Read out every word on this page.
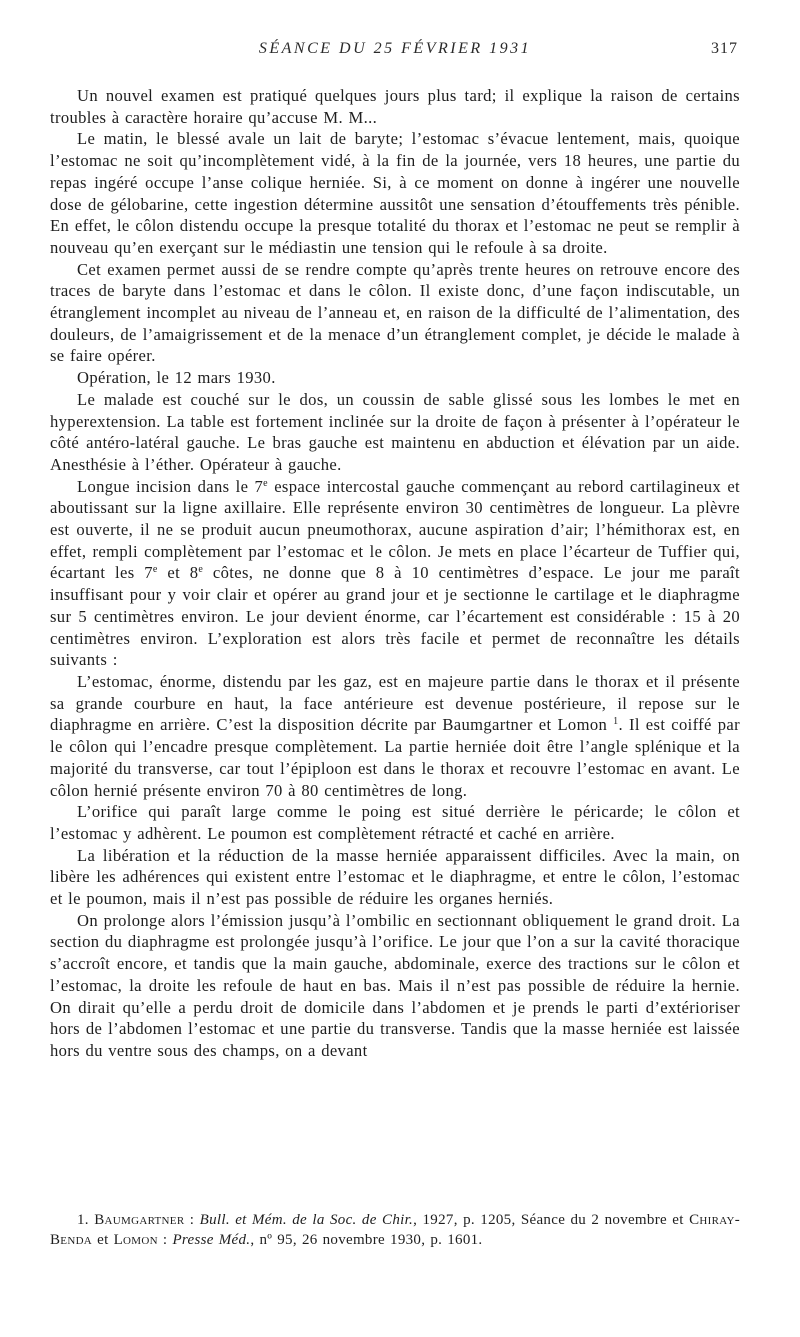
SÉANCE DU 25 FÉVRIER 1931	317

Un nouvel examen est pratiqué quelques jours plus tard; il explique la raison de certains troubles à caractère horaire qu’accuse M. M...

Le matin, le blessé avale un lait de baryte; l’estomac s’évacue lentement, mais, quoique l’estomac ne soit qu’incomplètement vidé, à la fin de la journée, vers 18 heures, une partie du repas ingéré occupe l’anse colique herniée. Si, à ce moment on donne à ingérer une nouvelle dose de gélobarine, cette ingestion détermine aussitôt une sensation d’étouffements très pénible. En effet, le côlon distendu occupe la presque totalité du thorax et l’estomac ne peut se remplir à nouveau qu’en exerçant sur le médiastin une tension qui le refoule à sa droite.

Cet examen permet aussi de se rendre compte qu’après trente heures on retrouve encore des traces de baryte dans l’estomac et dans le côlon. Il existe donc, d’une façon indiscutable, un étranglement incomplet au niveau de l’anneau et, en raison de la difficulté de l’alimentation, des douleurs, de l’amaigrissement et de la menace d’un étranglement complet, je décide le malade à se faire opérer.

Opération, le 12 mars 1930.

Le malade est couché sur le dos, un coussin de sable glissé sous les lombes le met en hyperextension. La table est fortement inclinée sur la droite de façon à présenter à l’opérateur le côté antéro-latéral gauche. Le bras gauche est maintenu en abduction et élévation par un aide. Anesthésie à l’éther. Opérateur à gauche.

Longue incision dans le 7e espace intercostal gauche commençant au rebord cartilagineux et aboutissant sur la ligne axillaire. Elle représente environ 30 centimètres de longueur. La plèvre est ouverte, il ne se produit aucun pneumothorax, aucune aspiration d’air; l’hémithorax est, en effet, rempli complètement par l’estomac et le côlon. Je mets en place l’écarteur de Tuffier qui, écartant les 7e et 8e côtes, ne donne que 8 à 10 centimètres d’espace. Le jour me paraît insuffisant pour y voir clair et opérer au grand jour et je sectionne le cartilage et le diaphragme sur 5 centimètres environ. Le jour devient énorme, car l’écartement est considérable : 15 à 20 centimètres environ. L’exploration est alors très facile et permet de reconnaître les détails suivants :

L’estomac, énorme, distendu par les gaz, est en majeure partie dans le thorax et il présente sa grande courbure en haut, la face antérieure est devenue postérieure, il repose sur le diaphragme en arrière. C’est la disposition décrite par Baumgartner et Lomon $^1$. Il est coiffé par le côlon qui l’encadre presque complètement. La partie herniée doit être l’angle splénique et la majorité du transverse, car tout l’épiploon est dans le thorax et recouvre l’estomac en avant. Le côlon hernié présente environ 70 à 80 centimètres de long.

L’orifice qui paraît large comme le poing est situé derrière le péricarde; le côlon et l’estomac y adhèrent. Le poumon est complètement rétracté et caché en arrière.

La libération et la réduction de la masse herniée apparaissent difficiles. Avec la main, on libère les adhérences qui existent entre l’estomac et le diaphragme, et entre le côlon, l’estomac et le poumon, mais il n’est pas possible de réduire les organes herniés.

On prolonge alors l’émission jusqu’à l’ombilic en sectionnant obliquement le grand droit. La section du diaphragme est prolongée jusqu’à l’orifice. Le jour que l’on a sur la cavité thoracique s’accroît encore, et tandis que la main gauche, abdominale, exerce des tractions sur le côlon et l’estomac, la droite les refoule de haut en bas. Mais il n’est pas possible de réduire la hernie. On dirait qu’elle a perdu droit de domicile dans l’abdomen et je prends le parti d’extérioriser hors de l’abdomen l’estomac et une partie du transverse. Tandis que la masse herniée est laissée hors du ventre sous des champs, on a devant

1. Baumgartner : Bull. et Mém. de la Soc. de Chir., 1927, p. 1205, Séance du 2 novembre et Chiray-Benda et Lomon : Presse Méd., nº 95, 26 novembre 1930, p. 1601.
